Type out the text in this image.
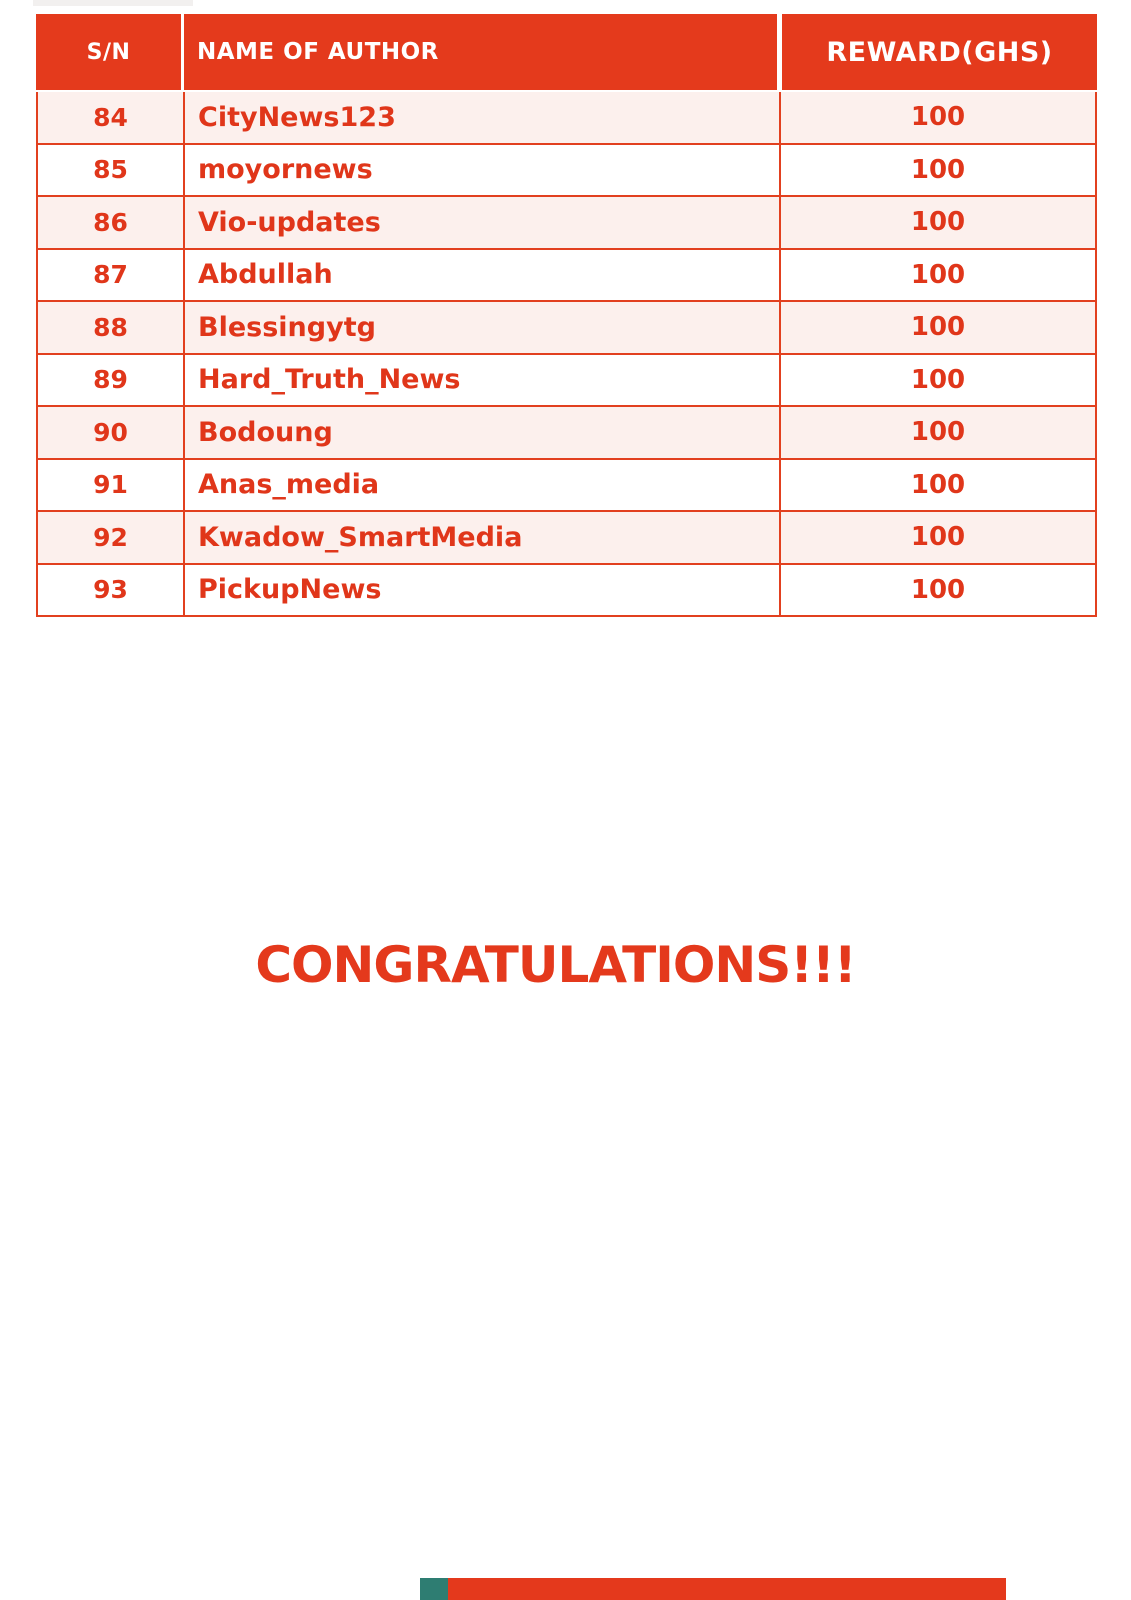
S/N	NAME OF AUTHOR	REWARD(GHS)
84	CityNews123	100
85	moyornews	100
86	Vio-updates	100
87	Abdullah	100
88	Blessingytg	100
89	Hard_Truth_News	100
90	Bodoung	100
91	Anas_media	100
92	Kwadow_SmartMedia	100
93	PickupNews	100
CONGRATULATIONS!!!
